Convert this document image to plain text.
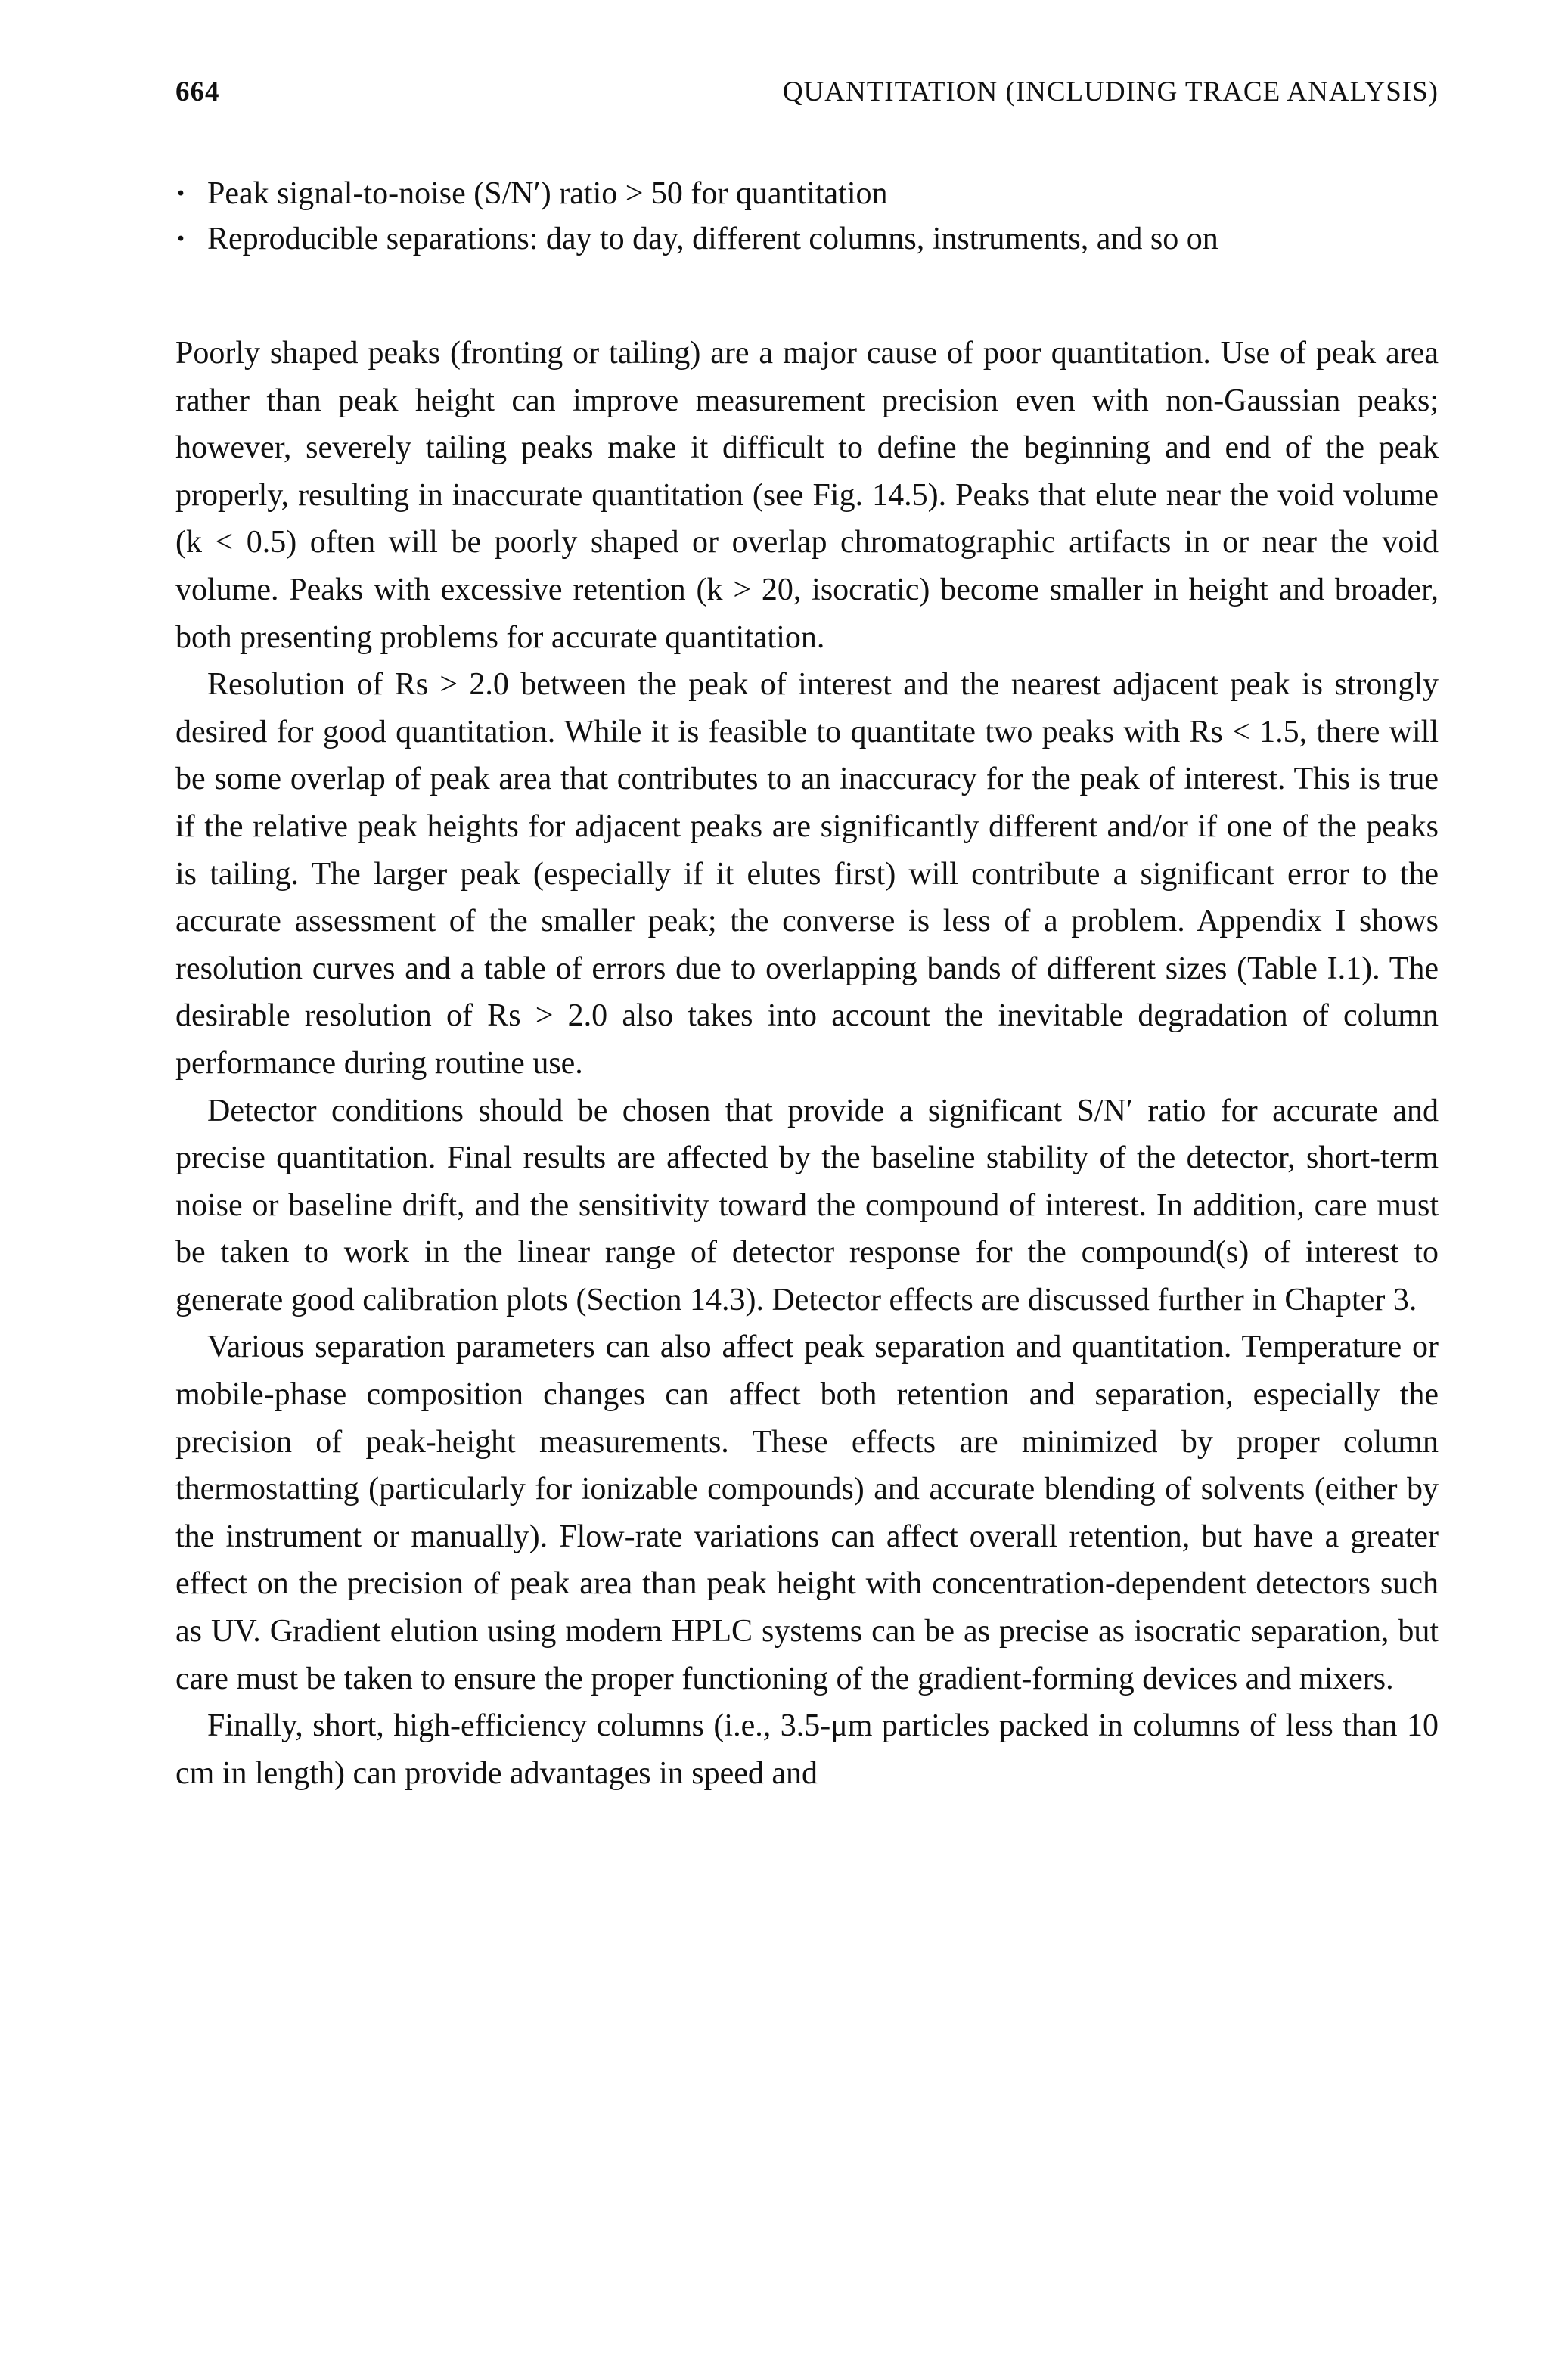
664	QUANTITATION (INCLUDING TRACE ANALYSIS)
· Peak signal-to-noise (S/N′) ratio > 50 for quantitation
· Reproducible separations: day to day, different columns, instruments, and so on

Poorly shaped peaks (fronting or tailing) are a major cause of poor quantitation. Use of peak area rather than peak height can improve measurement precision even with non-Gaussian peaks; however, severely tailing peaks make it difficult to define the beginning and end of the peak properly, resulting in inaccurate quantitation (see Fig. 14.5). Peaks that elute near the void volume (k < 0.5) often will be poorly shaped or overlap chromatographic artifacts in or near the void volume. Peaks with excessive retention (k > 20, isocratic) become smaller in height and broader, both presenting problems for accurate quantitation.

Resolution of Rs > 2.0 between the peak of interest and the nearest adjacent peak is strongly desired for good quantitation. While it is feasible to quantitate two peaks with Rs < 1.5, there will be some overlap of peak area that contributes to an inaccuracy for the peak of interest. This is true if the relative peak heights for adjacent peaks are significantly different and/or if one of the peaks is tailing. The larger peak (especially if it elutes first) will contribute a significant error to the accurate assessment of the smaller peak; the converse is less of a problem. Appendix I shows resolution curves and a table of errors due to overlapping bands of different sizes (Table I.1). The desirable resolution of Rs > 2.0 also takes into account the inevitable degradation of column performance during routine use.

Detector conditions should be chosen that provide a significant S/N′ ratio for accurate and precise quantitation. Final results are affected by the baseline stability of the detector, short-term noise or baseline drift, and the sensitivity toward the compound of interest. In addition, care must be taken to work in the linear range of detector response for the compound(s) of interest to generate good calibration plots (Section 14.3). Detector effects are discussed further in Chapter 3.

Various separation parameters can also affect peak separation and quantitation. Temperature or mobile-phase composition changes can affect both retention and separation, especially the precision of peak-height measurements. These effects are minimized by proper column thermostatting (particularly for ionizable compounds) and accurate blending of solvents (either by the instrument or manually). Flow-rate variations can affect overall retention, but have a greater effect on the precision of peak area than peak height with concentration-dependent detectors such as UV. Gradient elution using modern HPLC systems can be as precise as isocratic separation, but care must be taken to ensure the proper functioning of the gradient-forming devices and mixers.

Finally, short, high-efficiency columns (i.e., 3.5-μm particles packed in columns of less than 10 cm in length) can provide advantages in speed and
